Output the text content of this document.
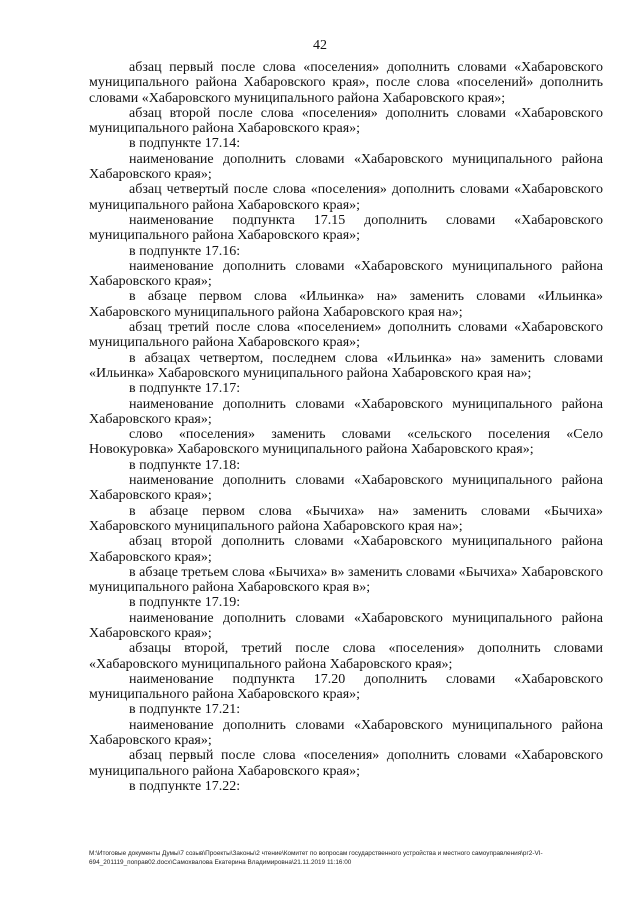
42

абзац первый после слова «поселения» дополнить словами «Хабаровского муниципального района Хабаровского края», после слова «поселений» дополнить словами «Хабаровского муниципального района Хабаровского края»;

абзац второй после слова «поселения» дополнить словами «Хабаровского муниципального района Хабаровского края»;

в подпункте 17.14:

наименование дополнить словами «Хабаровского муниципального района Хабаровского края»;

абзац четвертый после слова «поселения» дополнить словами «Хабаровского муниципального района Хабаровского края»;

наименование подпункта 17.15 дополнить словами «Хабаровского муниципального района Хабаровского края»;

в подпункте 17.16:

наименование дополнить словами «Хабаровского муниципального района Хабаровского края»;

в абзаце первом слова «Ильинка» на» заменить словами «Ильинка» Хабаровского муниципального района Хабаровского края на»;

абзац третий после слова «поселением» дополнить словами «Хабаровского муниципального района Хабаровского края»;

в абзацах четвертом, последнем слова «Ильинка» на» заменить словами «Ильинка» Хабаровского муниципального района Хабаровского края на»;

в подпункте 17.17:

наименование дополнить словами «Хабаровского муниципального района Хабаровского края»;

слово «поселения» заменить словами «сельского поселения «Село Новокуровка» Хабаровского муниципального района Хабаровского края»;

в подпункте 17.18:

наименование дополнить словами «Хабаровского муниципального района Хабаровского края»;

в абзаце первом слова «Бычиха» на» заменить словами «Бычиха» Хабаровского муниципального района Хабаровского края на»;

абзац второй дополнить словами «Хабаровского муниципального района Хабаровского края»;

в абзаце третьем слова «Бычиха» в» заменить словами «Бычиха» Хабаровского муниципального района Хабаровского края в»;

в подпункте 17.19:

наименование дополнить словами «Хабаровского муниципального района Хабаровского края»;

абзацы второй, третий после слова «поселения» дополнить словами «Хабаровского муниципального района Хабаровского края»;

наименование подпункта 17.20 дополнить словами «Хабаровского муниципального района Хабаровского края»;

в подпункте 17.21:

наименование дополнить словами «Хабаровского муниципального района Хабаровского края»;

абзац первый после слова «поселения» дополнить словами «Хабаровского муниципального района Хабаровского края»;

в подпункте 17.22:

M:\Итоговые документы Думы\7 созыв\Проекты\Законы\2 чтение\Комитет по вопросам государственного устройства и местного самоуправления\рг2-VI-
694_201119_поправ02.docx\Самохвалова Екатерина Владимировна\21.11.2019 11:16:00
